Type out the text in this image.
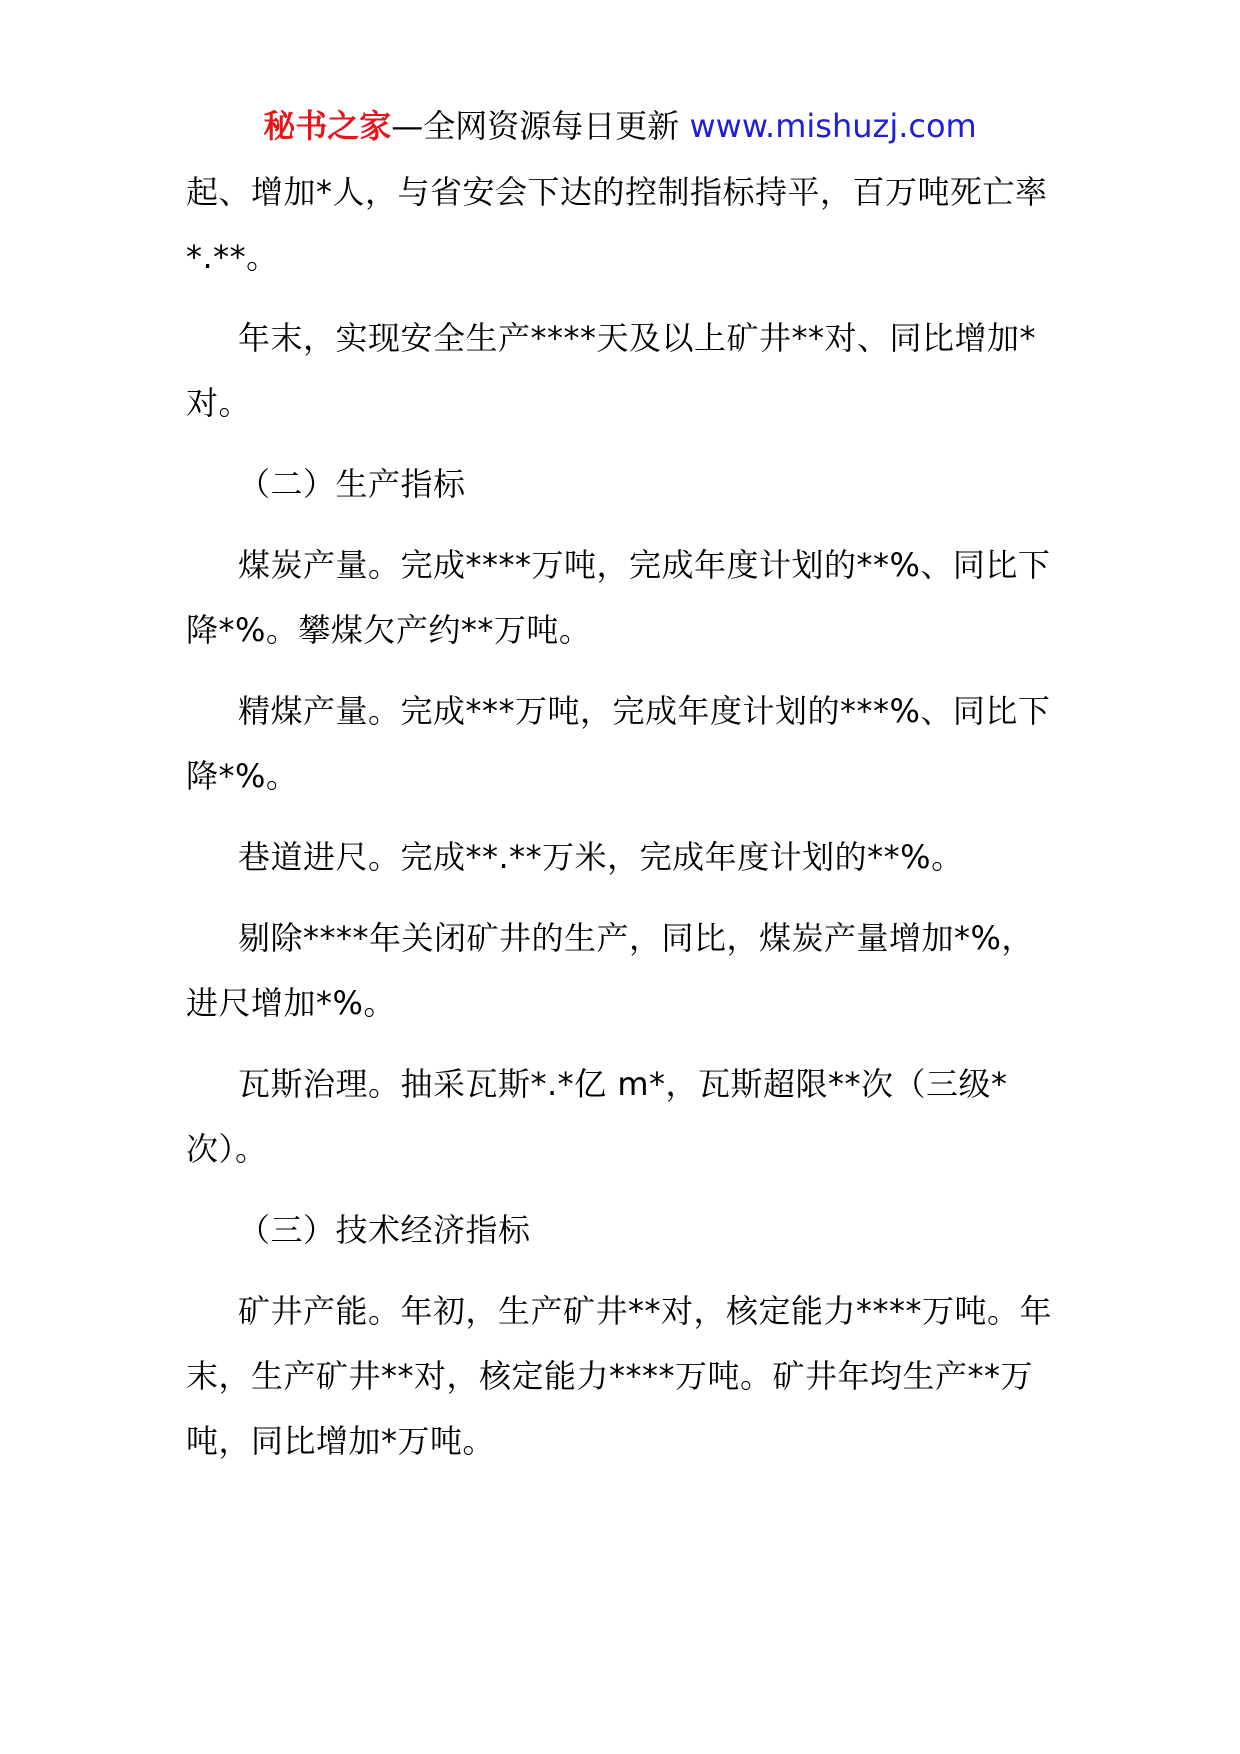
秘书之家—全网资源每日更新 www.mishuzj.com

起、增加*人，与省安会下达的控制指标持平，百万吨死亡率*.**。

年末，实现安全生产****天及以上矿井**对、同比增加*对。

（二）生产指标

煤炭产量。完成****万吨，完成年度计划的**%、同比下降*%。攀煤欠产约**万吨。

精煤产量。完成***万吨，完成年度计划的***%、同比下降*%。

巷道进尺。完成**.**万米，完成年度计划的**%。

剔除****年关闭矿井的生产，同比，煤炭产量增加*%，进尺增加*%。

瓦斯治理。抽采瓦斯*.*亿 m*，瓦斯超限**次（三级*次）。

（三）技术经济指标

矿井产能。年初，生产矿井**对，核定能力****万吨。年末，生产矿井**对，核定能力****万吨。矿井年均生产**万吨，同比增加*万吨。
